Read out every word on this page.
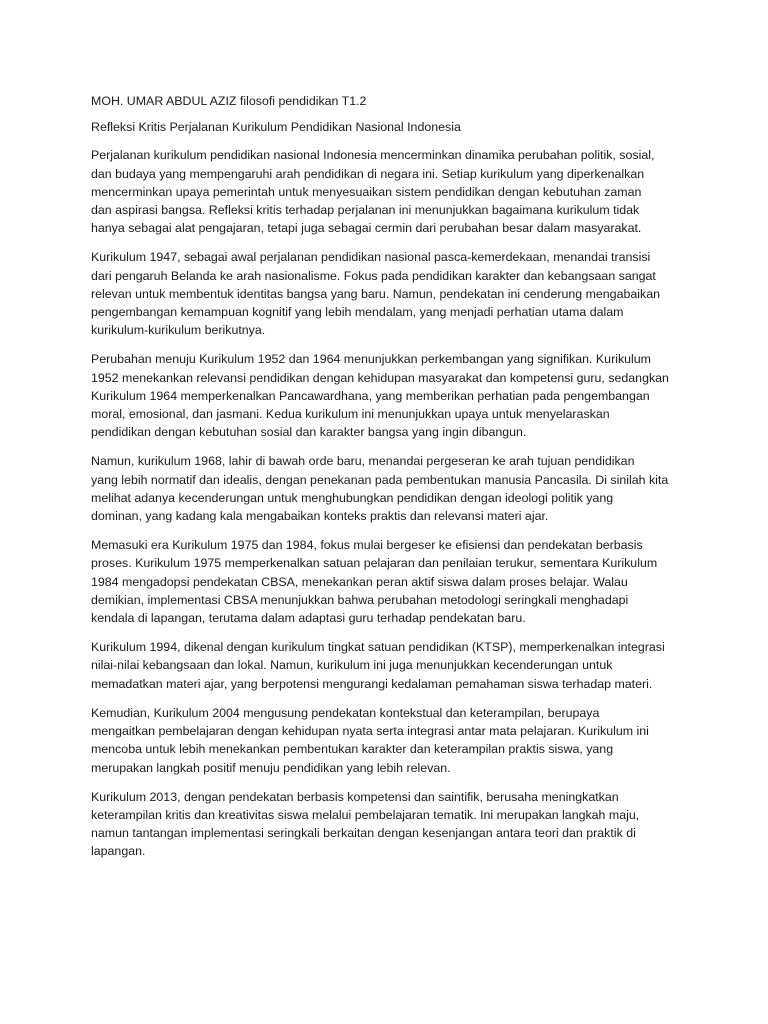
MOH. UMAR ABDUL AZIZ filosofi pendidikan T1.2

Refleksi Kritis Perjalanan Kurikulum Pendidikan Nasional Indonesia

Perjalanan kurikulum pendidikan nasional Indonesia mencerminkan dinamika perubahan politik, sosial,
dan budaya yang mempengaruhi arah pendidikan di negara ini. Setiap kurikulum yang diperkenalkan
mencerminkan upaya pemerintah untuk menyesuaikan sistem pendidikan dengan kebutuhan zaman
dan aspirasi bangsa. Refleksi kritis terhadap perjalanan ini menunjukkan bagaimana kurikulum tidak
hanya sebagai alat pengajaran, tetapi juga sebagai cermin dari perubahan besar dalam masyarakat.

Kurikulum 1947, sebagai awal perjalanan pendidikan nasional pasca-kemerdekaan, menandai transisi
dari pengaruh Belanda ke arah nasionalisme. Fokus pada pendidikan karakter dan kebangsaan sangat
relevan untuk membentuk identitas bangsa yang baru. Namun, pendekatan ini cenderung mengabaikan
pengembangan kemampuan kognitif yang lebih mendalam, yang menjadi perhatian utama dalam
kurikulum-kurikulum berikutnya.

Perubahan menuju Kurikulum 1952 dan 1964 menunjukkan perkembangan yang signifikan. Kurikulum
1952 menekankan relevansi pendidikan dengan kehidupan masyarakat dan kompetensi guru, sedangkan
Kurikulum 1964 memperkenalkan Pancawardhana, yang memberikan perhatian pada pengembangan
moral, emosional, dan jasmani. Kedua kurikulum ini menunjukkan upaya untuk menyelaraskan
pendidikan dengan kebutuhan sosial dan karakter bangsa yang ingin dibangun.

Namun, kurikulum 1968, lahir di bawah orde baru, menandai pergeseran ke arah tujuan pendidikan
yang lebih normatif dan idealis, dengan penekanan pada pembentukan manusia Pancasila. Di sinilah kita
melihat adanya kecenderungan untuk menghubungkan pendidikan dengan ideologi politik yang
dominan, yang kadang kala mengabaikan konteks praktis dan relevansi materi ajar.

Memasuki era Kurikulum 1975 dan 1984, fokus mulai bergeser ke efisiensi dan pendekatan berbasis
proses. Kurikulum 1975 memperkenalkan satuan pelajaran dan penilaian terukur, sementara Kurikulum
1984 mengadopsi pendekatan CBSA, menekankan peran aktif siswa dalam proses belajar. Walau
demikian, implementasi CBSA menunjukkan bahwa perubahan metodologi seringkali menghadapi
kendala di lapangan, terutama dalam adaptasi guru terhadap pendekatan baru.

Kurikulum 1994, dikenal dengan kurikulum tingkat satuan pendidikan (KTSP), memperkenalkan integrasi
nilai-nilai kebangsaan dan lokal. Namun, kurikulum ini juga menunjukkan kecenderungan untuk
memadatkan materi ajar, yang berpotensi mengurangi kedalaman pemahaman siswa terhadap materi.

Kemudian, Kurikulum 2004 mengusung pendekatan kontekstual dan keterampilan, berupaya
mengaitkan pembelajaran dengan kehidupan nyata serta integrasi antar mata pelajaran. Kurikulum ini
mencoba untuk lebih menekankan pembentukan karakter dan keterampilan praktis siswa, yang
merupakan langkah positif menuju pendidikan yang lebih relevan.

Kurikulum 2013, dengan pendekatan berbasis kompetensi dan saintifik, berusaha meningkatkan
keterampilan kritis dan kreativitas siswa melalui pembelajaran tematik. Ini merupakan langkah maju,
namun tantangan implementasi seringkali berkaitan dengan kesenjangan antara teori dan praktik di
lapangan.
